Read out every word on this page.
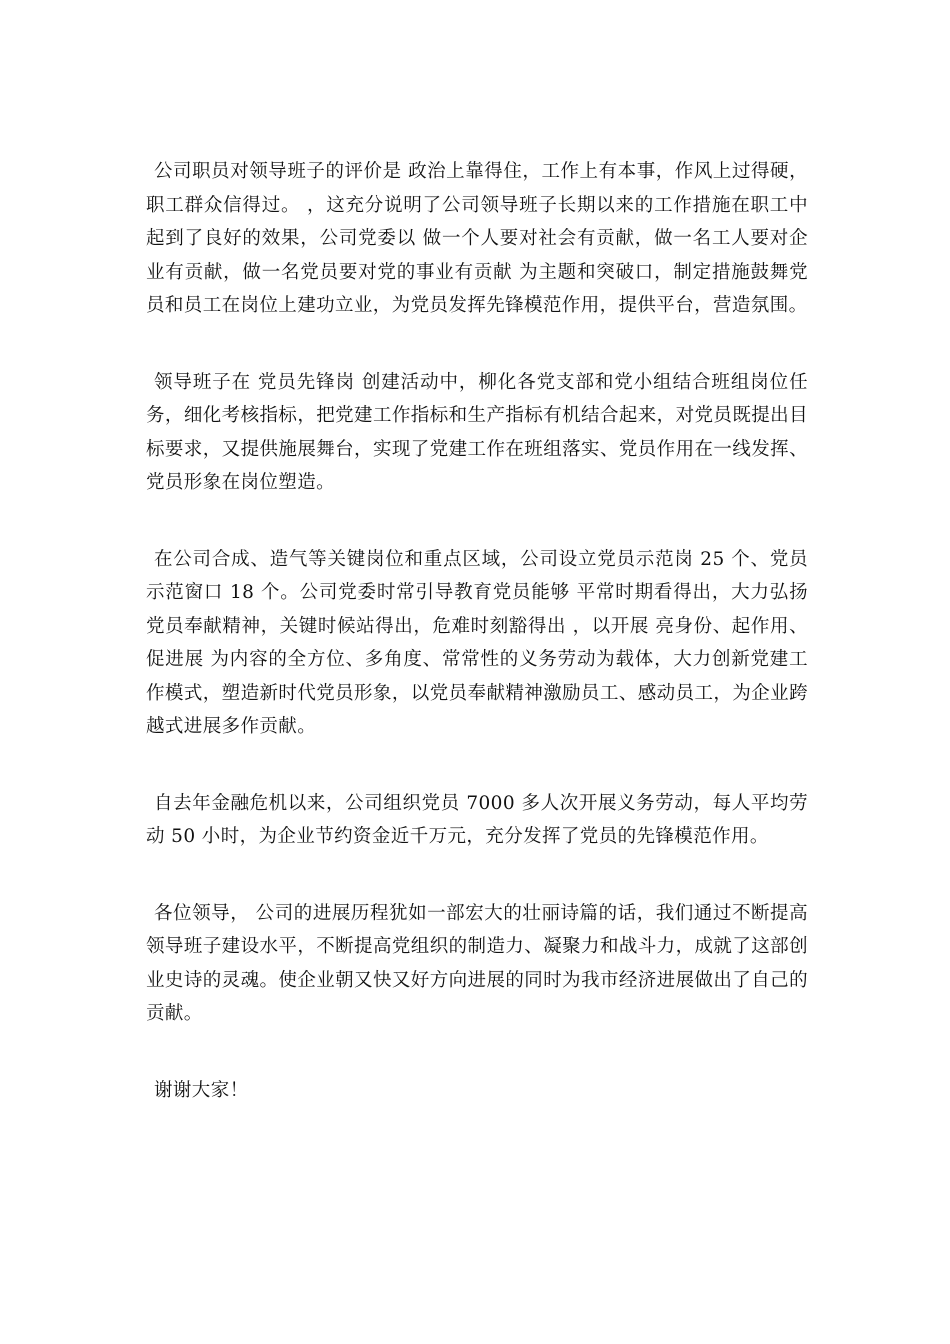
公司职员对领导班子的评价是 政治上靠得住，工作上有本事，作风上过得硬，职工群众信得过。 ，这充分说明了公司领导班子长期以来的工作措施在职工中起到了良好的效果，公司党委以 做一个人要对社会有贡献，做一名工人要对企业有贡献，做一名党员要对党的事业有贡献 为主题和突破口，制定措施鼓舞党员和员工在岗位上建功立业，为党员发挥先锋模范作用，提供平台，营造氛围。

领导班子在 党员先锋岗 创建活动中，柳化各党支部和党小组结合班组岗位任务，细化考核指标，把党建工作指标和生产指标有机结合起来，对党员既提出目标要求，又提供施展舞台，实现了党建工作在班组落实、党员作用在一线发挥、党员形象在岗位塑造。

在公司合成、造气等关键岗位和重点区域，公司设立党员示范岗 25 个、党员示范窗口 18 个。公司党委时常引导教育党员能够 平常时期看得出，大力弘扬党员奉献精神，关键时候站得出，危难时刻豁得出 ，以开展 亮身份、起作用、促进展 为内容的全方位、多角度、常常性的义务劳动为载体，大力创新党建工作模式，塑造新时代党员形象，以党员奉献精神激励员工、感动员工，为企业跨越式进展多作贡献。

自去年金融危机以来，公司组织党员 7000 多人次开展义务劳动，每人平均劳动 50 小时，为企业节约资金近千万元，充分发挥了党员的先锋模范作用。

各位领导， 公司的进展历程犹如一部宏大的壮丽诗篇的话，我们通过不断提高领导班子建设水平，不断提高党组织的制造力、凝聚力和战斗力，成就了这部创业史诗的灵魂。使企业朝又快又好方向进展的同时为我市经济进展做出了自己的贡献。

谢谢大家！
